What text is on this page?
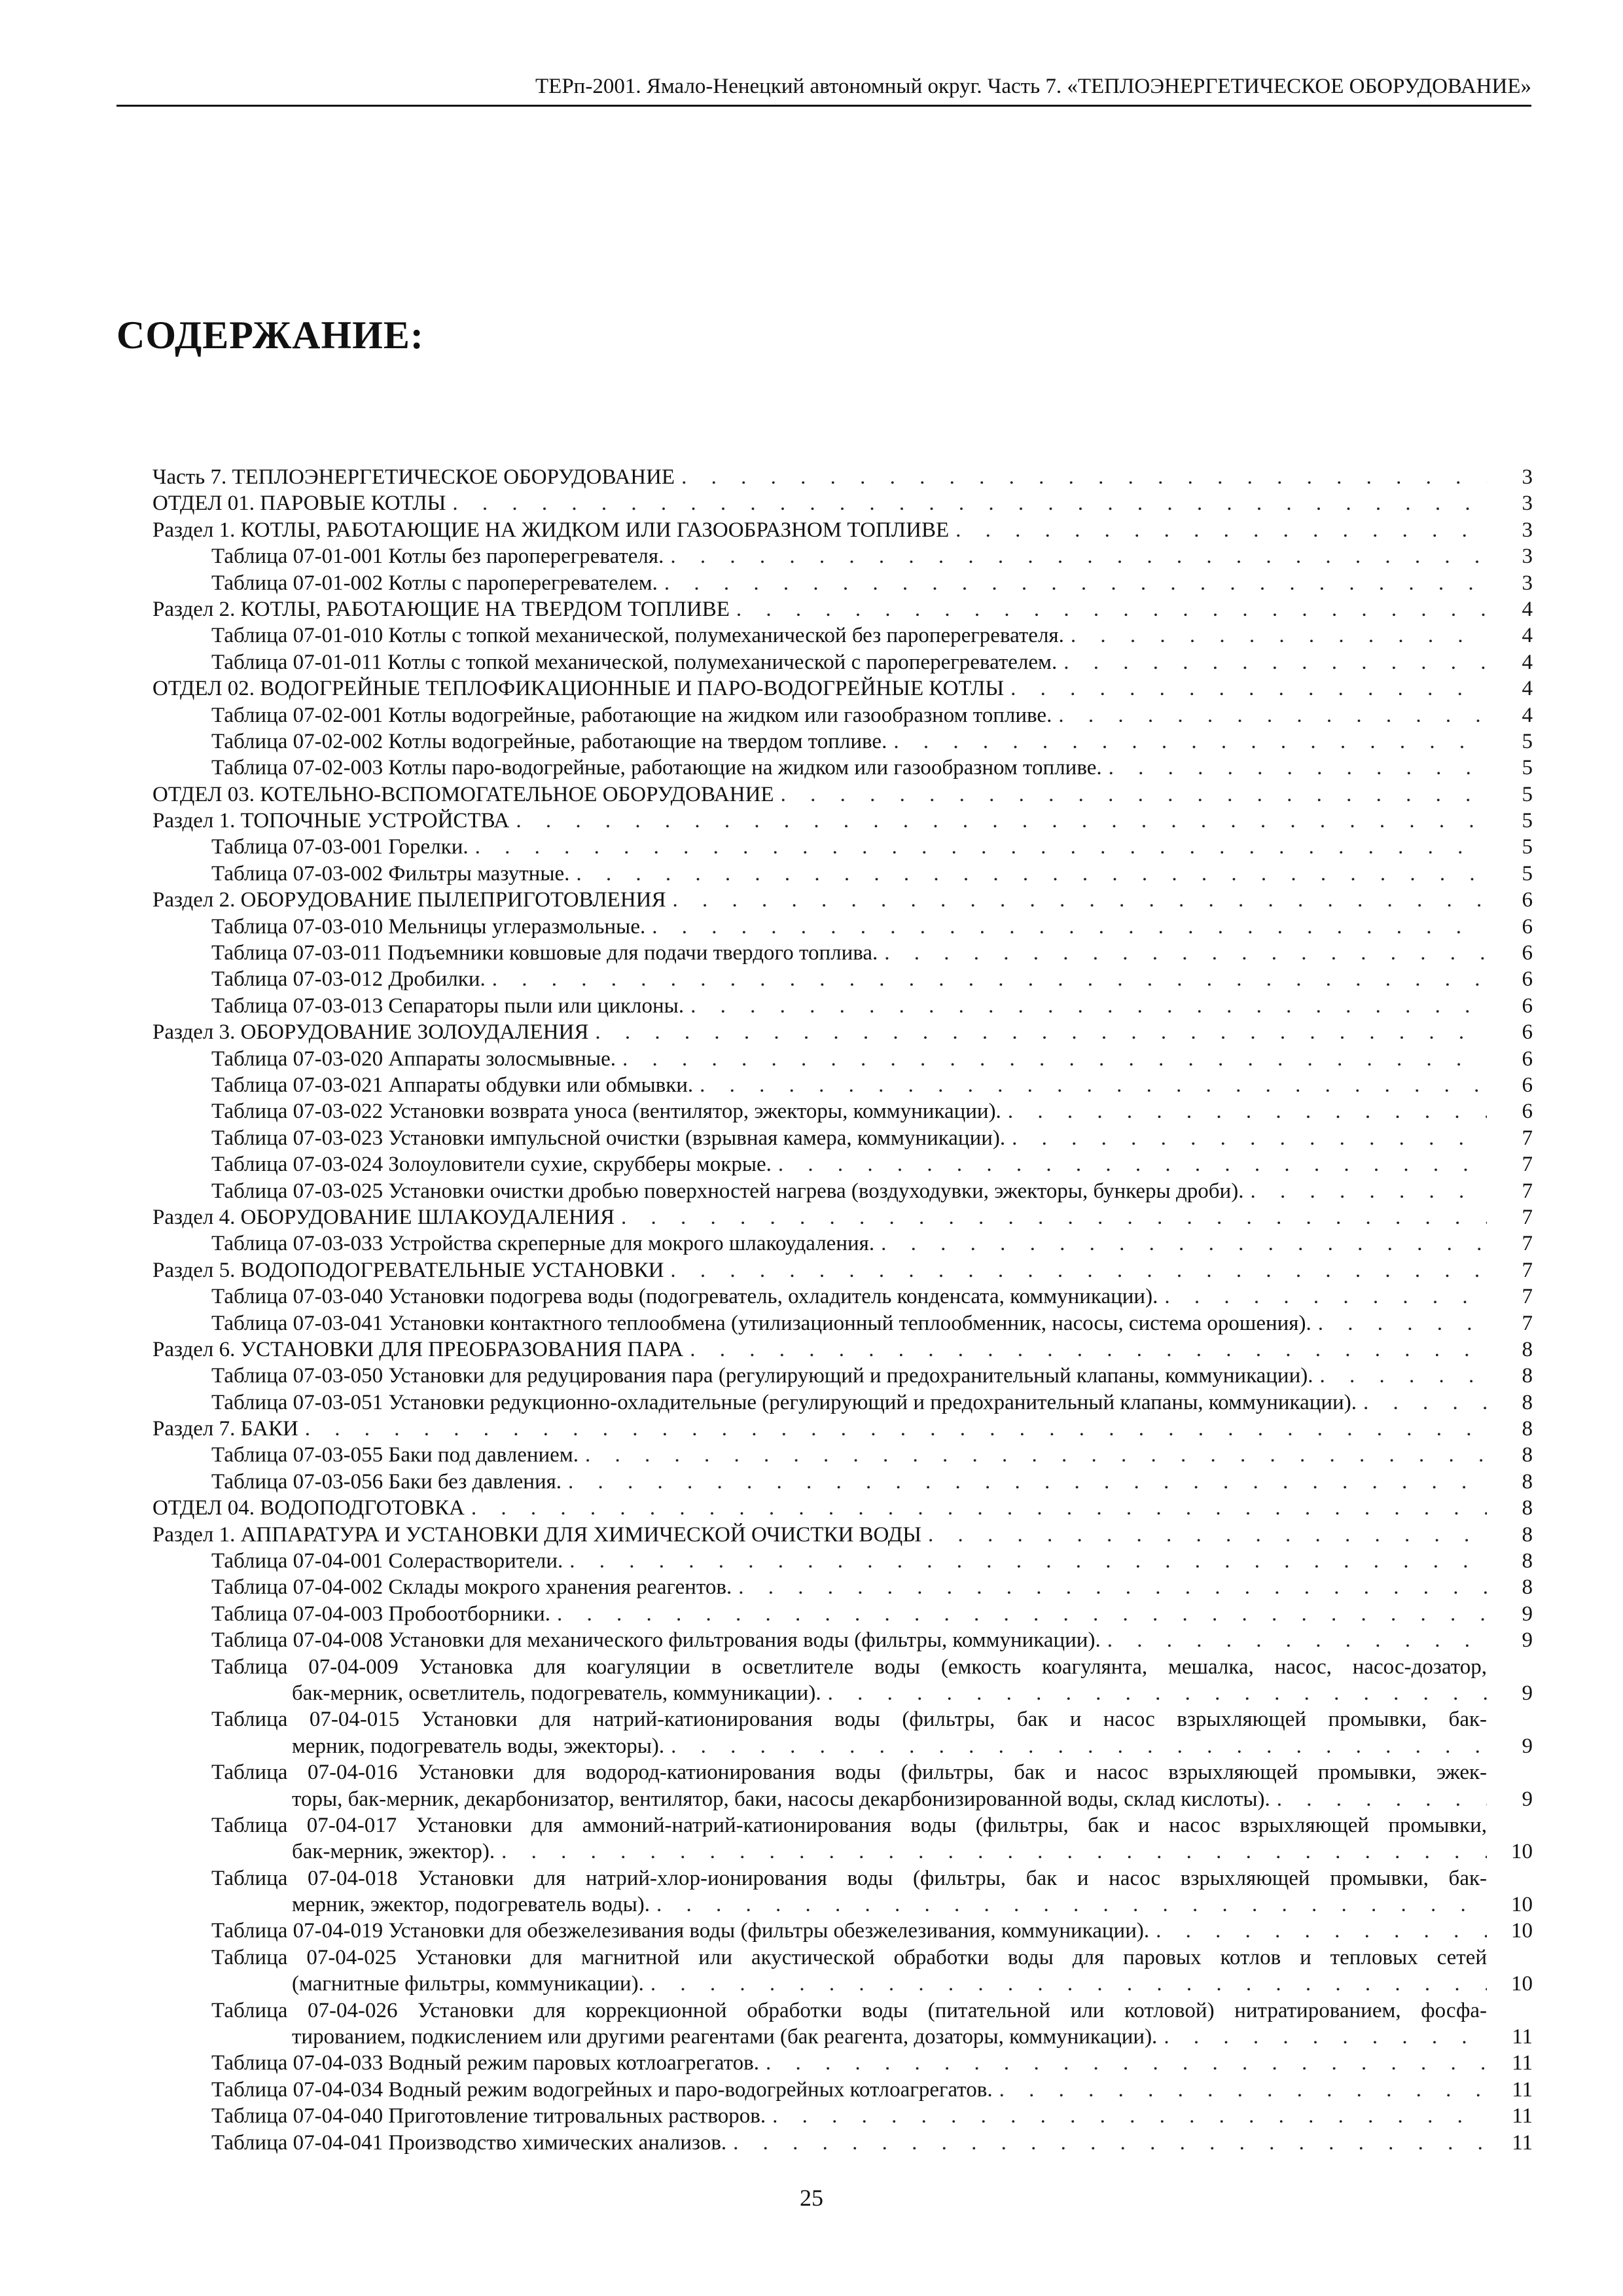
ТЕРп-2001. Ямало-Ненецкий автономный округ. Часть 7. «ТЕПЛОЭНЕРГЕТИЧЕСКОЕ ОБОРУДОВАНИЕ»
СОДЕРЖАНИЕ:
Часть 7. ТЕПЛОЭНЕРГЕТИЧЕСКОЕ ОБОРУДОВАНИЕ . . .	3
ОТДЕЛ 01. ПАРОВЫЕ КОТЛЫ . . .	3
Раздел 1. КОТЛЫ, РАБОТАЮЩИЕ НА ЖИДКОМ ИЛИ ГАЗООБРАЗНОМ ТОПЛИВЕ . . .	3
Таблица 07-01-001 Котлы без пароперегревателя. . . .	3
Таблица 07-01-002 Котлы с пароперегревателем. . . .	3
Раздел 2. КОТЛЫ, РАБОТАЮЩИЕ НА ТВЕРДОМ ТОПЛИВЕ . . .	4
Таблица 07-01-010 Котлы с топкой механической, полумеханической без пароперегревателя. . . .	4
Таблица 07-01-011 Котлы с топкой механической, полумеханической с пароперегревателем. . . .	4
ОТДЕЛ 02. ВОДОГРЕЙНЫЕ ТЕПЛОФИКАЦИОННЫЕ И ПАРО-ВОДОГРЕЙНЫЕ КОТЛЫ . . .	4
Таблица 07-02-001 Котлы водогрейные, работающие на жидком или газообразном топливе. . . .	4
Таблица 07-02-002 Котлы водогрейные, работающие на твердом топливе. . . .	5
Таблица 07-02-003 Котлы паро-водогрейные, работающие на жидком или газообразном топливе. . . .	5
ОТДЕЛ 03. КОТЕЛЬНО-ВСПОМОГАТЕЛЬНОЕ ОБОРУДОВАНИЕ . . .	5
Раздел 1. ТОПОЧНЫЕ УСТРОЙСТВА . . .	5
Таблица 07-03-001 Горелки. . . .	5
Таблица 07-03-002 Фильтры мазутные. . . .	5
Раздел 2. ОБОРУДОВАНИЕ ПЫЛЕПРИГОТОВЛЕНИЯ . . .	6
Таблица 07-03-010 Мельницы углеразмольные. . . .	6
Таблица 07-03-011 Подъемники ковшовые для подачи твердого топлива. . . .	6
Таблица 07-03-012 Дробилки. . . .	6
Таблица 07-03-013 Сепараторы пыли или циклоны. . . .	6
Раздел 3. ОБОРУДОВАНИЕ ЗОЛОУДАЛЕНИЯ . . .	6
Таблица 07-03-020 Аппараты золосмывные. . . .	6
Таблица 07-03-021 Аппараты обдувки или обмывки. . . .	6
Таблица 07-03-022 Установки возврата уноса (вентилятор, эжекторы, коммуникации). . . .	6
Таблица 07-03-023 Установки импульсной очистки (взрывная камера, коммуникации). . . .	7
Таблица 07-03-024 Золоуловители сухие, скрубберы мокрые. . . .	7
Таблица 07-03-025 Установки очистки дробью поверхностей нагрева (воздуходувки, эжекторы, бункеры дроби). . . .	7
Раздел 4. ОБОРУДОВАНИЕ ШЛАКОУДАЛЕНИЯ . . .	7
Таблица 07-03-033 Устройства скреперные для мокрого шлакоудаления. . . .	7
Раздел 5. ВОДОПОДОГРЕВАТЕЛЬНЫЕ УСТАНОВКИ . . .	7
Таблица 07-03-040 Установки подогрева воды (подогреватель, охладитель конденсата, коммуникации). . . .	7
Таблица 07-03-041 Установки контактного теплообмена (утилизационный теплообменник, насосы, система орошения). . . .	7
Раздел 6. УСТАНОВКИ ДЛЯ ПРЕОБРАЗОВАНИЯ ПАРА . . .	8
Таблица 07-03-050 Установки для редуцирования пара (регулирующий и предохранительный клапаны, коммуникации). . . .	8
Таблица 07-03-051 Установки редукционно-охладительные (регулирующий и предохранительный клапаны, коммуникации). . . .	8
Раздел 7. БАКИ . . .	8
Таблица 07-03-055 Баки под давлением. . . .	8
Таблица 07-03-056 Баки без давления. . . .	8
ОТДЕЛ 04. ВОДОПОДГОТОВКА . . .	8
Раздел 1. АППАРАТУРА И УСТАНОВКИ ДЛЯ ХИМИЧЕСКОЙ ОЧИСТКИ ВОДЫ . . .	8
Таблица 07-04-001 Солерастворители. . . .	8
Таблица 07-04-002 Склады мокрого хранения реагентов. . . .	8
Таблица 07-04-003 Пробоотборники. . . .	9
Таблица 07-04-008 Установки для механического фильтрования воды (фильтры, коммуникации). . . .	9
Таблица 07-04-009 Установка для коагуляции в осветлителе воды (емкость коагулянта, мешалка, насос, насос-дозатор,
бак-мерник, осветлитель, подогреватель, коммуникации). . . .	9
Таблица 07-04-015 Установки для натрий-катионирования воды (фильтры, бак и насос взрыхляющей промывки, бак-
мерник, подогреватель воды, эжекторы). . . .	9
Таблица 07-04-016 Установки для водород-катионирования воды (фильтры, бак и насос взрыхляющей промывки, эжек-
торы, бак-мерник, декарбонизатор, вентилятор, баки, насосы декарбонизированной воды, склад кислоты). . . .	9
Таблица 07-04-017 Установки для аммоний-натрий-катионирования воды (фильтры, бак и насос взрыхляющей промывки,
бак-мерник, эжектор). . . .	10
Таблица 07-04-018 Установки для натрий-хлор-ионирования воды (фильтры, бак и насос взрыхляющей промывки, бак-
мерник, эжектор, подогреватель воды). . . .	10
Таблица 07-04-019 Установки для обезжелезивания воды (фильтры обезжелезивания, коммуникации). . . .	10
Таблица 07-04-025 Установки для магнитной или акустической обработки воды для паровых котлов и тепловых сетей
(магнитные фильтры, коммуникации). . . .	10
Таблица 07-04-026 Установки для коррекционной обработки воды (питательной или котловой) нитратированием, фосфа-
тированием, подкислением или другими реагентами (бак реагента, дозаторы, коммуникации). . . .	11
Таблица 07-04-033 Водный режим паровых котлоагрегатов. . . .	11
Таблица 07-04-034 Водный режим водогрейных и паро-водогрейных котлоагрегатов. . . .	11
Таблица 07-04-040 Приготовление титровальных растворов. . . .	11
Таблица 07-04-041 Производство химических анализов. . . .	11
25
